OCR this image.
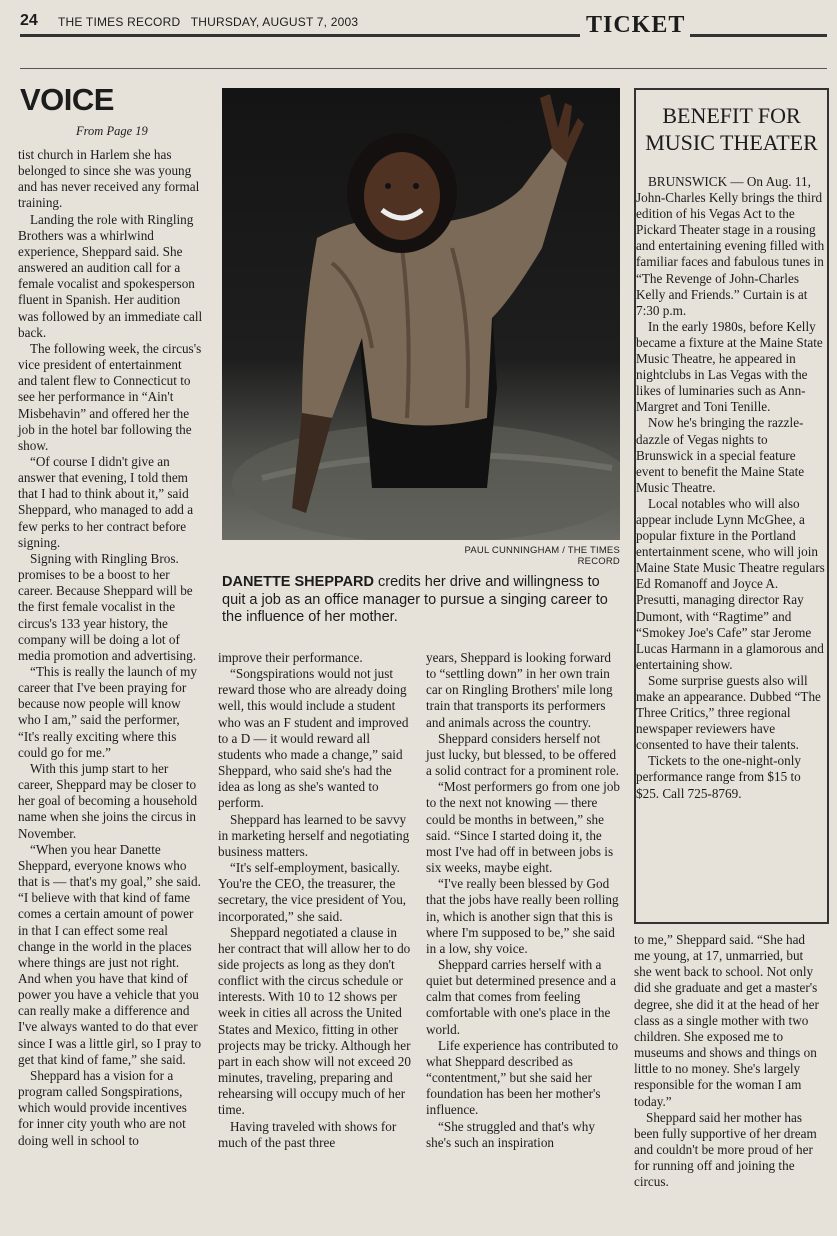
24 THE TIMES RECORD   THURSDAY, AUGUST 7, 2003	TICKET
VOICE
From Page 19

tist church in Harlem she has belonged to since she was young and has never received any formal training.

Landing the role with Ringling Brothers was a whirlwind experience, Sheppard said. She answered an audition call for a female vocalist and spokesperson fluent in Spanish. Her audition was followed by an immediate call back.

The following week, the circus's vice president of entertainment and talent flew to Connecticut to see her performance in “Ain't Misbehavin” and offered her the job in the hotel bar following the show.

“Of course I didn't give an answer that evening, I told them that I had to think about it,” said Sheppard, who managed to add a few perks to her contract before signing.

Signing with Ringling Bros. promises to be a boost to her career. Because Sheppard will be the first female vocalist in the circus's 133 year history, the company will be doing a lot of media promotion and advertising.

“This is really the launch of my career that I've been praying for because now people will know who I am,” said the performer, “It's really exciting where this could go for me.”

With this jump start to her career, Sheppard may be closer to her goal of becoming a household name when she joins the circus in November.

“When you hear Danette Sheppard, everyone knows who that is — that's my goal,” she said. “I believe with that kind of fame comes a certain amount of power in that I can effect some real change in the world in the places where things are just not right. And when you have that kind of power you have a vehicle that you can really make a difference and I've always wanted to do that ever since I was a little girl, so I pray to get that kind of fame,” she said.

Sheppard has a vision for a program called Songspirations, which would provide incentives for inner city youth who are not doing well in school to

PAUL CUNNINGHAM / THE TIMES RECORD
DANETTE SHEPPARD credits her drive and willingness to quit a job as an office manager to pursue a singing career to the influence of her mother.

improve their performance.

“Songspirations would not just reward those who are already doing well, this would include a student who was an F student and improved to a D — it would reward all students who made a change,” said Sheppard, who said she's had the idea as long as she's wanted to perform.

Sheppard has learned to be savvy in marketing herself and negotiating business matters.

“It's self-employment, basically. You're the CEO, the treasurer, the secretary, the vice president of You, incorporated,” she said.

Sheppard negotiated a clause in her contract that will allow her to do side projects as long as they don't conflict with the circus schedule or interests. With 10 to 12 shows per week in cities all across the United States and Mexico, fitting in other projects may be tricky. Although her part in each show will not exceed 20 minutes, traveling, preparing and rehearsing will occupy much of her time.

Having traveled with shows for much of the past three

years, Sheppard is looking forward to “settling down” in her own train car on Ringling Brothers' mile long train that transports its performers and animals across the country.

Sheppard considers herself not just lucky, but blessed, to be offered a solid contract for a prominent role.

“Most performers go from one job to the next not knowing — there could be months in between,” she said. “Since I started doing it, the most I've had off in between jobs is six weeks, maybe eight.

“I've really been blessed by God that the jobs have really been rolling in, which is another sign that this is where I'm supposed to be,” she said in a low, shy voice.

Sheppard carries herself with a quiet but determined presence and a calm that comes from feeling comfortable with one's place in the world.

Life experience has contributed to what Sheppard described as “contentment,” but she said her foundation has been her mother's influence.

“She struggled and that's why she's such an inspiration

BENEFIT FOR
MUSIC THEATER

BRUNSWICK — On Aug. 11, John-Charles Kelly brings the third edition of his Vegas Act to the Pickard Theater stage in a rousing and entertaining evening filled with familiar faces and fabulous tunes in “The Revenge of John-Charles Kelly and Friends.” Curtain is at 7:30 p.m.

In the early 1980s, before Kelly became a fixture at the Maine State Music Theatre, he appeared in nightclubs in Las Vegas with the likes of luminaries such as Ann-Margret and Toni Tenille.

Now he's bringing the razzle-dazzle of Vegas nights to Brunswick in a special feature event to benefit the Maine State Music Theatre.

Local notables who will also appear include Lynn McGhee, a popular fixture in the Portland entertainment scene, who will join Maine State Music Theatre regulars Ed Romanoff and Joyce A. Presutti, managing director Ray Dumont, with “Ragtime” and “Smokey Joe's Cafe” star Jerome Lucas Harmann in a glamorous and entertaining show.

Some surprise guests also will make an appearance. Dubbed “The Three Critics,” three regional newspaper reviewers have consented to have their talents.

Tickets to the one-night-only performance range from $15 to $25. Call 725-8769.

to me,” Sheppard said. “She had me young, at 17, unmarried, but she went back to school. Not only did she graduate and get a master's degree, she did it at the head of her class as a single mother with two children. She exposed me to museums and shows and things on little to no money. She's largely responsible for the woman I am today.”

Sheppard said her mother has been fully supportive of her dream and couldn't be more proud of her for running off and joining the circus.
